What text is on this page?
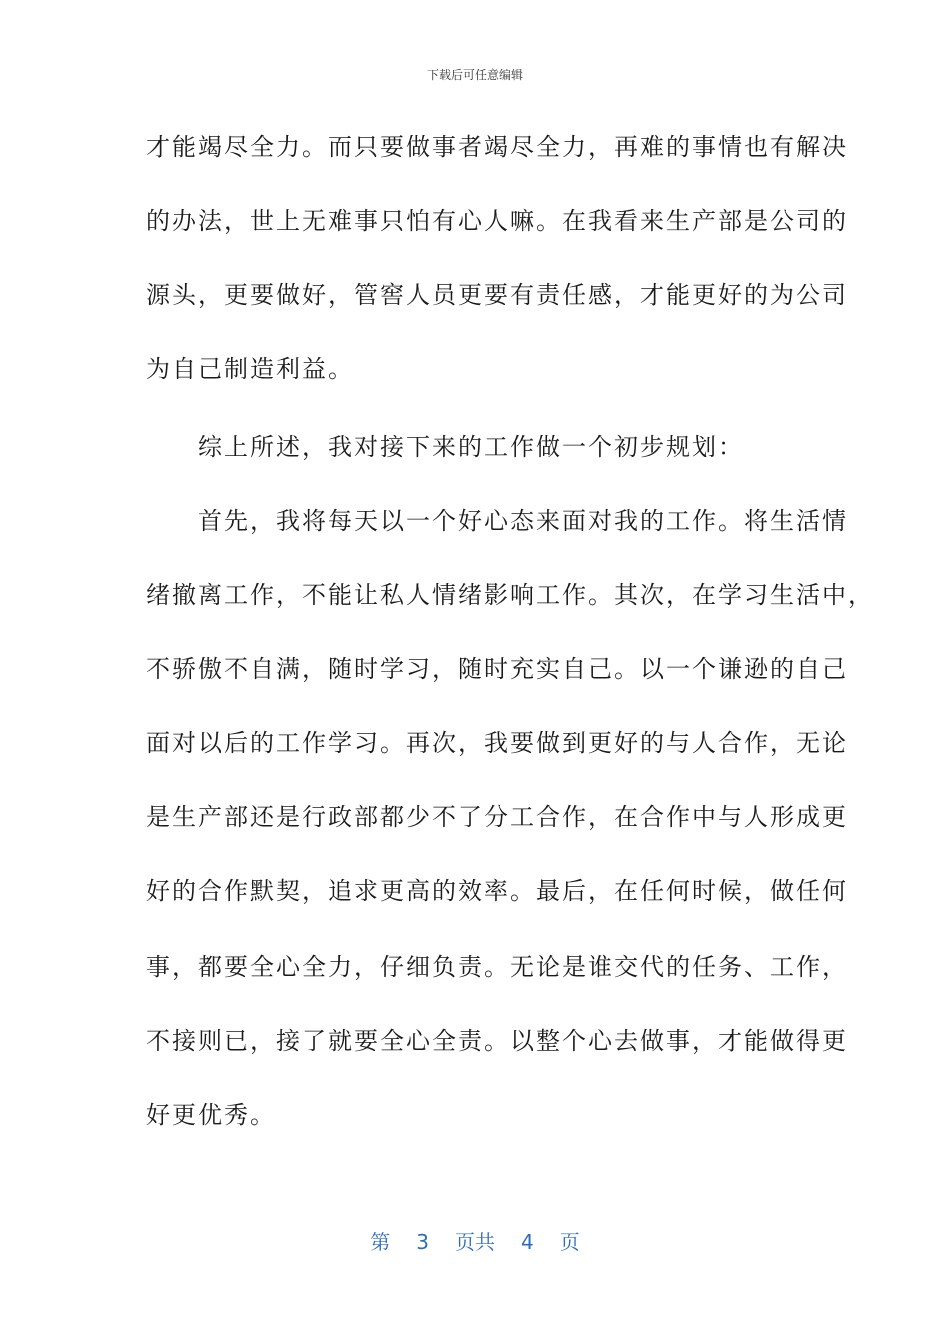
下载后可任意编辑
才能竭尽全力。而只要做事者竭尽全力，再难的事情也有解决
的办法，世上无难事只怕有心人嘛。在我看来生产部是公司的
源头，更要做好，管窖人员更要有责任感，才能更好的为公司
为自己制造利益。
　　综上所述，我对接下来的工作做一个初步规划：
　　首先，我将每天以一个好心态来面对我的工作。将生活情
绪撤离工作，不能让私人情绪影响工作。其次，在学习生活中，
不骄傲不自满，随时学习，随时充实自己。以一个谦逊的自己
面对以后的工作学习。再次，我要做到更好的与人合作，无论
是生产部还是行政部都少不了分工合作，在合作中与人形成更
好的合作默契，追求更高的效率。最后，在任何时候，做任何
事，都要全心全力，仔细负责。无论是谁交代的任务、工作，
不接则已，接了就要全心全责。以整个心去做事，才能做得更
好更优秀。
第 3 页共 4 页
